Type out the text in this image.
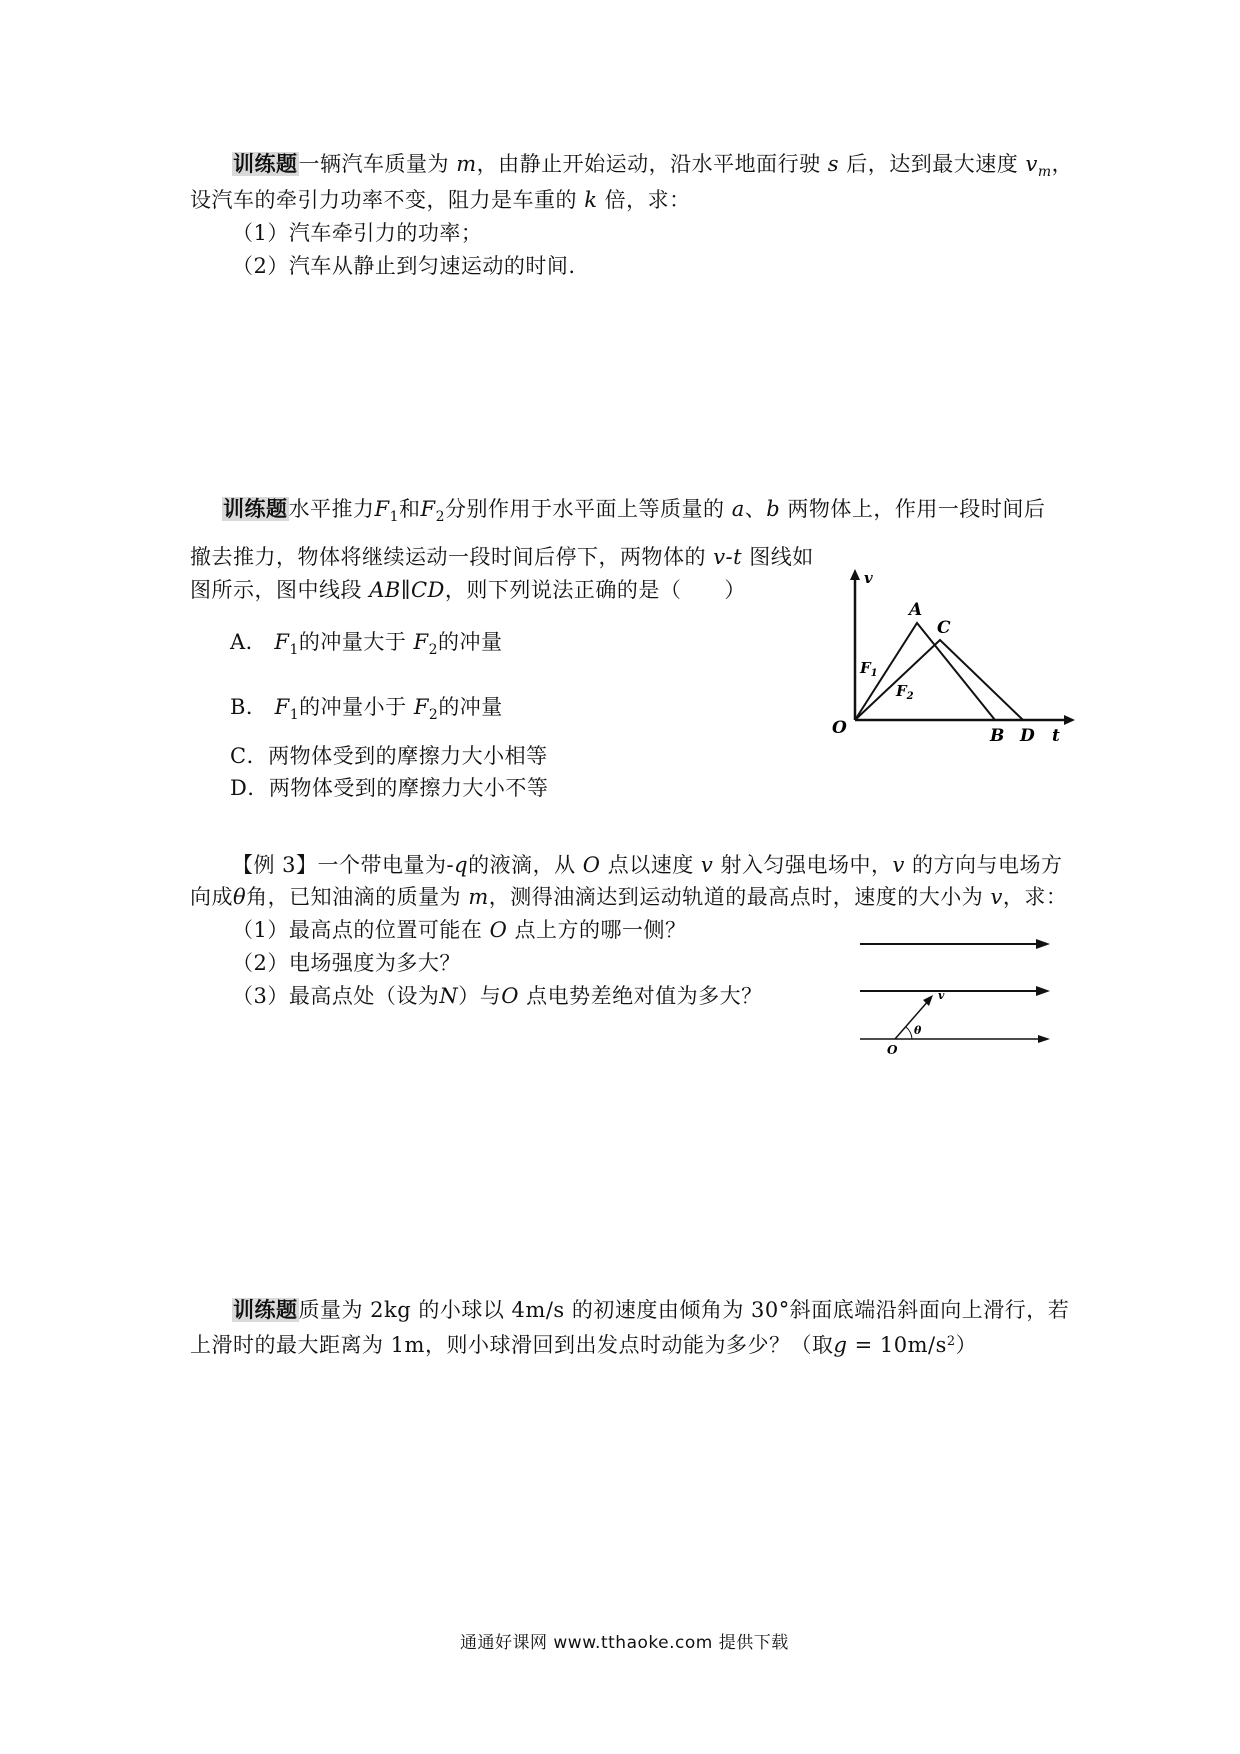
训练题一辆汽车质量为 m，由静止开始运动，沿水平地面行驶 s 后，达到最大速度 $v_m$，
设汽车的牵引力功率不变，阻力是车重的 k 倍，求：
（1）汽车牵引力的功率；
（2）汽车从静止到匀速运动的时间.
训练题水平推力$F_1$和$F_2$分别作用于水平面上等质量的 a、b 两物体上，作用一段时间后
撤去推力，物体将继续运动一段时间后停下，两物体的 v-t 图线如
图所示，图中线段 AB∥CD，则下列说法正确的是（　　）
A． $F_1$的冲量大于 $F_2$的冲量
B． $F_1$的冲量小于 $F_2$的冲量
C．两物体受到的摩擦力大小相等
D．两物体受到的摩擦力大小不等
v
t
O
A
C
B D
$F_1$
$F_2$
【例 3】一个带电量为-q的液滴，从 O 点以速度 v 射入匀强电场中，v 的方向与电场方
向成θ角，已知油滴的质量为 m，测得油滴达到运动轨道的最高点时，速度的大小为 v，求：
（1）最高点的位置可能在 O 点上方的哪一侧？
（2）电场强度为多大？
（3）最高点处（设为N）与O 点电势差绝对值为多大？	v
θ
O
训练题质量为 2kg 的小球以 4m/s 的初速度由倾角为 30°斜面底端沿斜面向上滑行，若
上滑时的最大距离为 1m，则小球滑回到出发点时动能为多少？（取$g = 10m/s^2$）
通通好课网 www.tthaoke.com 提供下载
